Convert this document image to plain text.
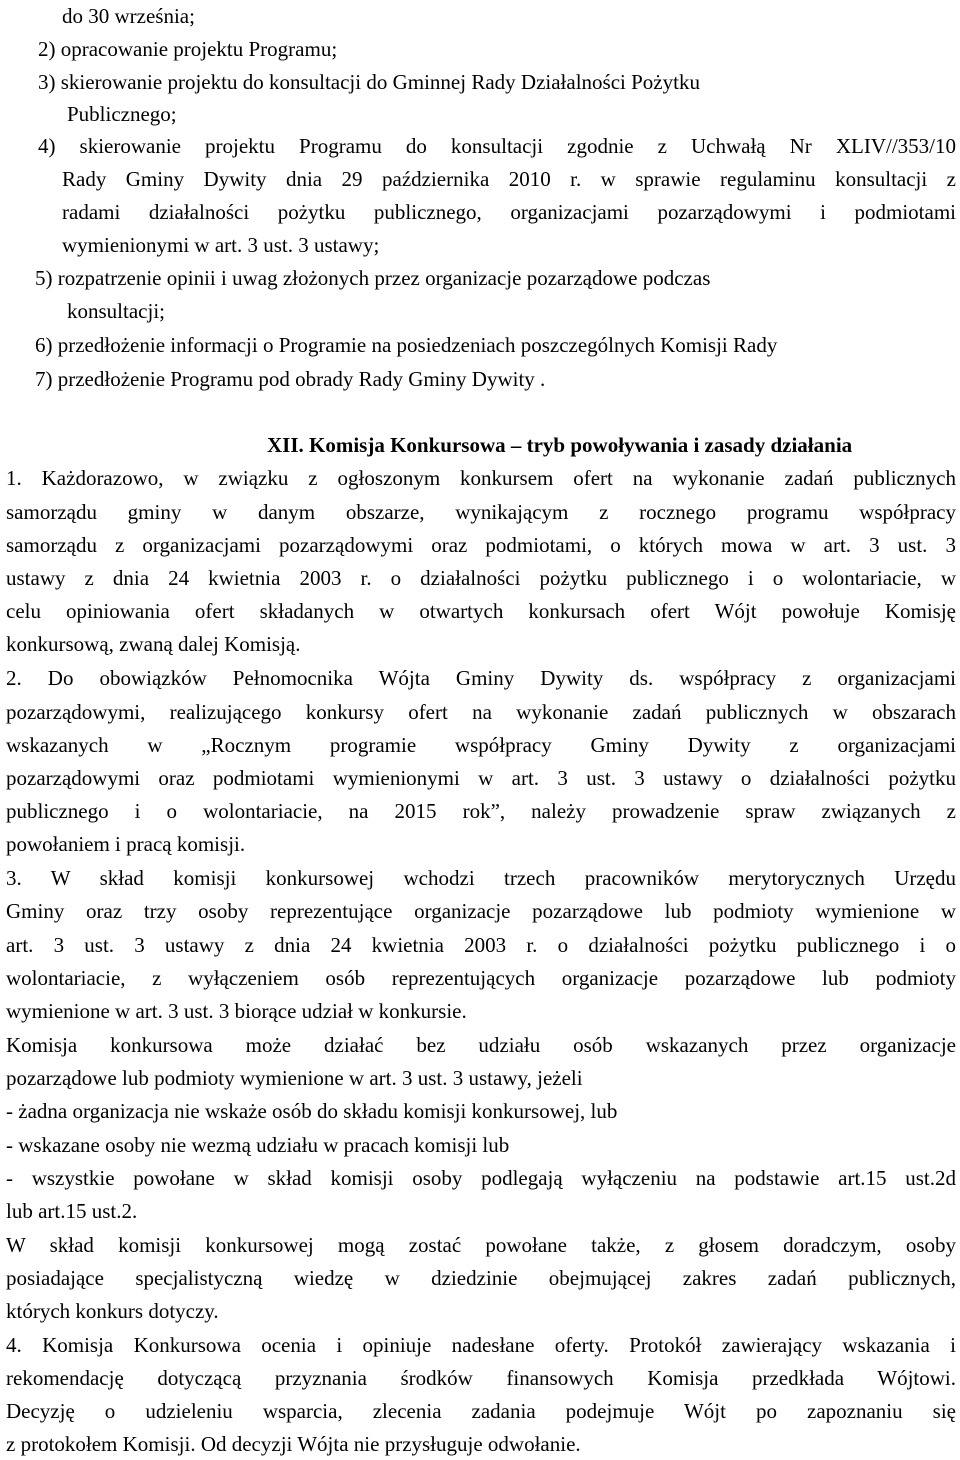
do 30 września;
2) opracowanie projektu Programu;
3) skierowanie projektu do konsultacji do Gminnej Rady Działalności Pożytku
Publicznego;
4) skierowanie projektu Programu do konsultacji zgodnie z Uchwałą Nr XLIV//353/10
Rady Gminy Dywity dnia 29 października 2010 r. w sprawie regulaminu konsultacji z
radami działalności pożytku publicznego, organizacjami pozarządowymi i podmiotami
wymienionymi w art. 3 ust. 3 ustawy;
5) rozpatrzenie opinii i uwag złożonych przez organizacje pozarządowe podczas
konsultacji;
6) przedłożenie informacji o Programie na posiedzeniach poszczególnych Komisji Rady
7) przedłożenie Programu pod obrady Rady Gminy Dywity .
XII. Komisja Konkursowa – tryb powoływania i zasady działania
1. Każdorazowo, w związku z ogłoszonym konkursem ofert na wykonanie zadań publicznych
samorządu gminy w danym obszarze, wynikającym z rocznego programu współpracy
samorządu z organizacjami pozarządowymi oraz podmiotami, o których mowa w art. 3 ust. 3
ustawy z dnia 24 kwietnia 2003 r. o działalności pożytku publicznego i o wolontariacie, w
celu opiniowania ofert składanych w otwartych konkursach ofert Wójt powołuje Komisję
konkursową, zwaną dalej Komisją.
2. Do obowiązków Pełnomocnika Wójta Gminy Dywity ds. współpracy z organizacjami
pozarządowymi, realizującego konkursy ofert na wykonanie zadań publicznych w obszarach
wskazanych w „Rocznym programie współpracy Gminy Dywity z organizacjami
pozarządowymi oraz podmiotami wymienionymi w art. 3 ust. 3 ustawy o działalności pożytku
publicznego i o wolontariacie, na 2015 rok”, należy prowadzenie spraw związanych z
powołaniem i pracą komisji.
3. W skład komisji konkursowej wchodzi trzech pracowników merytorycznych Urzędu
Gminy oraz trzy osoby reprezentujące organizacje pozarządowe lub podmioty wymienione w
art. 3 ust. 3 ustawy z dnia 24 kwietnia 2003 r. o działalności pożytku publicznego i o
wolontariacie, z wyłączeniem osób reprezentujących organizacje pozarządowe lub podmioty
wymienione w art. 3 ust. 3 biorące udział w konkursie.
Komisja konkursowa może działać bez udziału osób wskazanych przez organizacje
pozarządowe lub podmioty wymienione w art. 3 ust. 3 ustawy, jeżeli
- żadna organizacja nie wskaże osób do składu komisji konkursowej, lub
- wskazane osoby nie wezmą udziału w pracach komisji lub
- wszystkie powołane w skład komisji osoby podlegają wyłączeniu na podstawie art.15 ust.2d
lub art.15 ust.2.
W skład komisji konkursowej mogą zostać powołane także, z głosem doradczym, osoby
posiadające specjalistyczną wiedzę w dziedzinie obejmującej zakres zadań publicznych,
których konkurs dotyczy.
4. Komisja Konkursowa ocenia i opiniuje nadesłane oferty. Protokół zawierający wskazania i
rekomendację dotyczącą przyznania środków finansowych Komisja przedkłada Wójtowi.
Decyzję o udzieleniu wsparcia, zlecenia zadania podejmuje Wójt po zapoznaniu się
z protokołem Komisji. Od decyzji Wójta nie przysługuje odwołanie.
